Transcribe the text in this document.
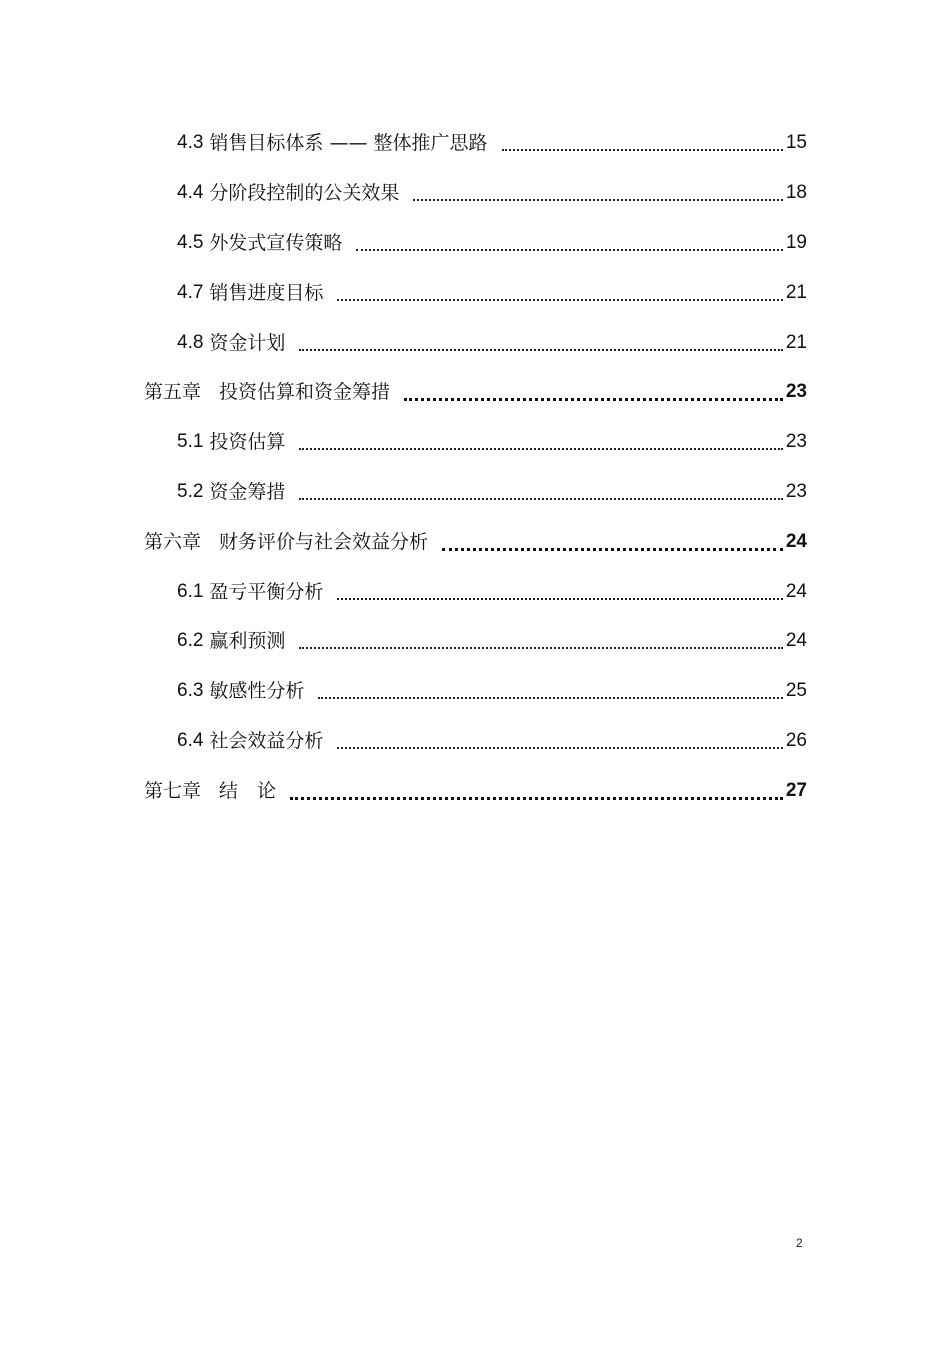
4.3 销售目标体系 —— 整体推广思路	15
4.4 分阶段控制的公关效果	18
4.5 外发式宣传策略	19
4.7 销售进度目标	21
4.8 资金计划	21
第五章 投资估算和资金筹措	23
5.1 投资估算	23
5.2 资金筹措	23
第六章 财务评价与社会效益分析	24
6.1 盈亏平衡分析	24
6.2 赢利预测	24
6.3 敏感性分析	25
6.4 社会效益分析	26
第七章 结　论	27
2
